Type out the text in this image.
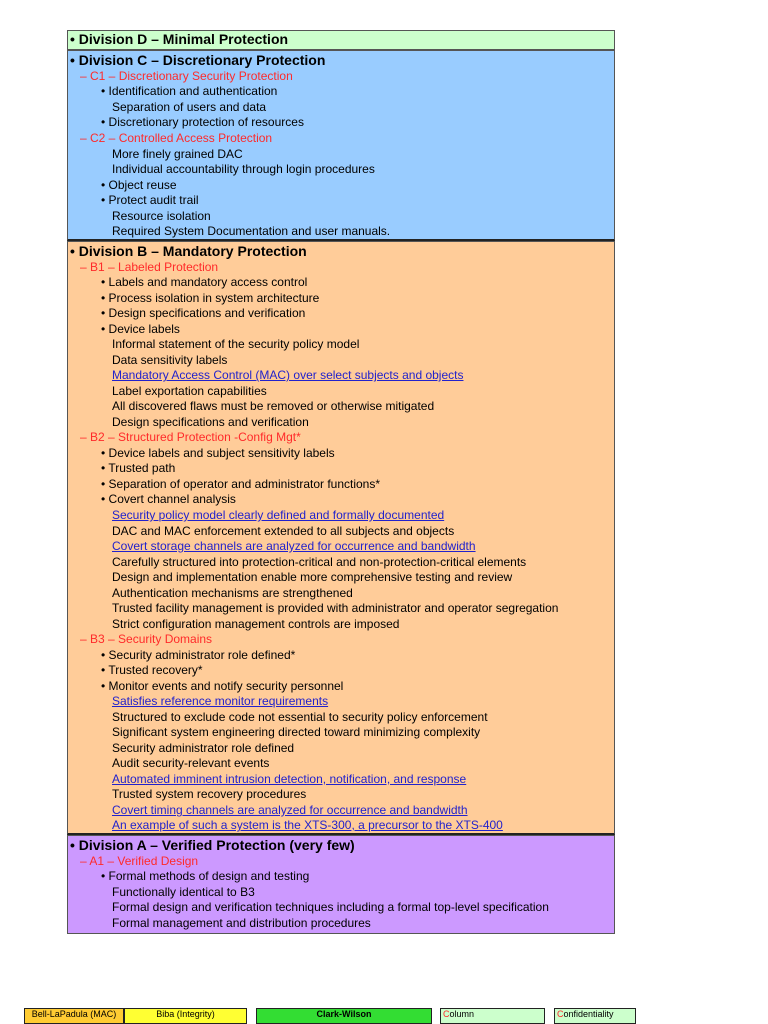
• Division D – Minimal Protection
• Division C – Discretionary Protection
– C1 – Discretionary Security Protection
• Identification and authentication
Separation of users and data
• Discretionary protection of resources
– C2 – Controlled Access Protection
More finely grained DAC
Individual accountability through login procedures
• Object reuse
• Protect audit trail
Resource isolation
Required System Documentation and user manuals.
• Division B – Mandatory Protection
– B1 – Labeled Protection
• Labels and mandatory access control
• Process isolation in system architecture
• Design specifications and verification
• Device labels
Informal statement of the security policy model
Data sensitivity labels
Mandatory Access Control (MAC) over select subjects and objects
Label exportation capabilities
All discovered flaws must be removed or otherwise mitigated
Design specifications and verification
– B2 – Structured Protection -Config Mgt*
• Device labels and subject sensitivity labels
• Trusted path
• Separation of operator and administrator functions*
• Covert channel analysis
Security policy model clearly defined and formally documented
DAC and MAC enforcement extended to all subjects and objects
Covert storage channels are analyzed for occurrence and bandwidth
Carefully structured into protection-critical and non-protection-critical elements
Design and implementation enable more comprehensive testing and review
Authentication mechanisms are strengthened
Trusted facility management is provided with administrator and operator segregation
Strict configuration management controls are imposed
– B3 – Security Domains
• Security administrator role defined*
• Trusted recovery*
• Monitor events and notify security personnel
Satisfies reference monitor requirements
Structured to exclude code not essential to security policy enforcement
Significant system engineering directed toward minimizing complexity
Security administrator role defined
Audit security-relevant events
Automated imminent intrusion detection, notification, and response
Trusted system recovery procedures
Covert timing channels are analyzed for occurrence and bandwidth
An example of such a system is the XTS-300, a precursor to the XTS-400
• Division A – Verified Protection (very few)
– A1 – Verified Design
• Formal methods of design and testing
Functionally identical to B3
Formal design and verification techniques including a formal top-level specification
Formal management and distribution procedures
Bell-LaPadula (MAC)	Biba (Integrity)	Clark-Wilson	Column	Confidentiality
